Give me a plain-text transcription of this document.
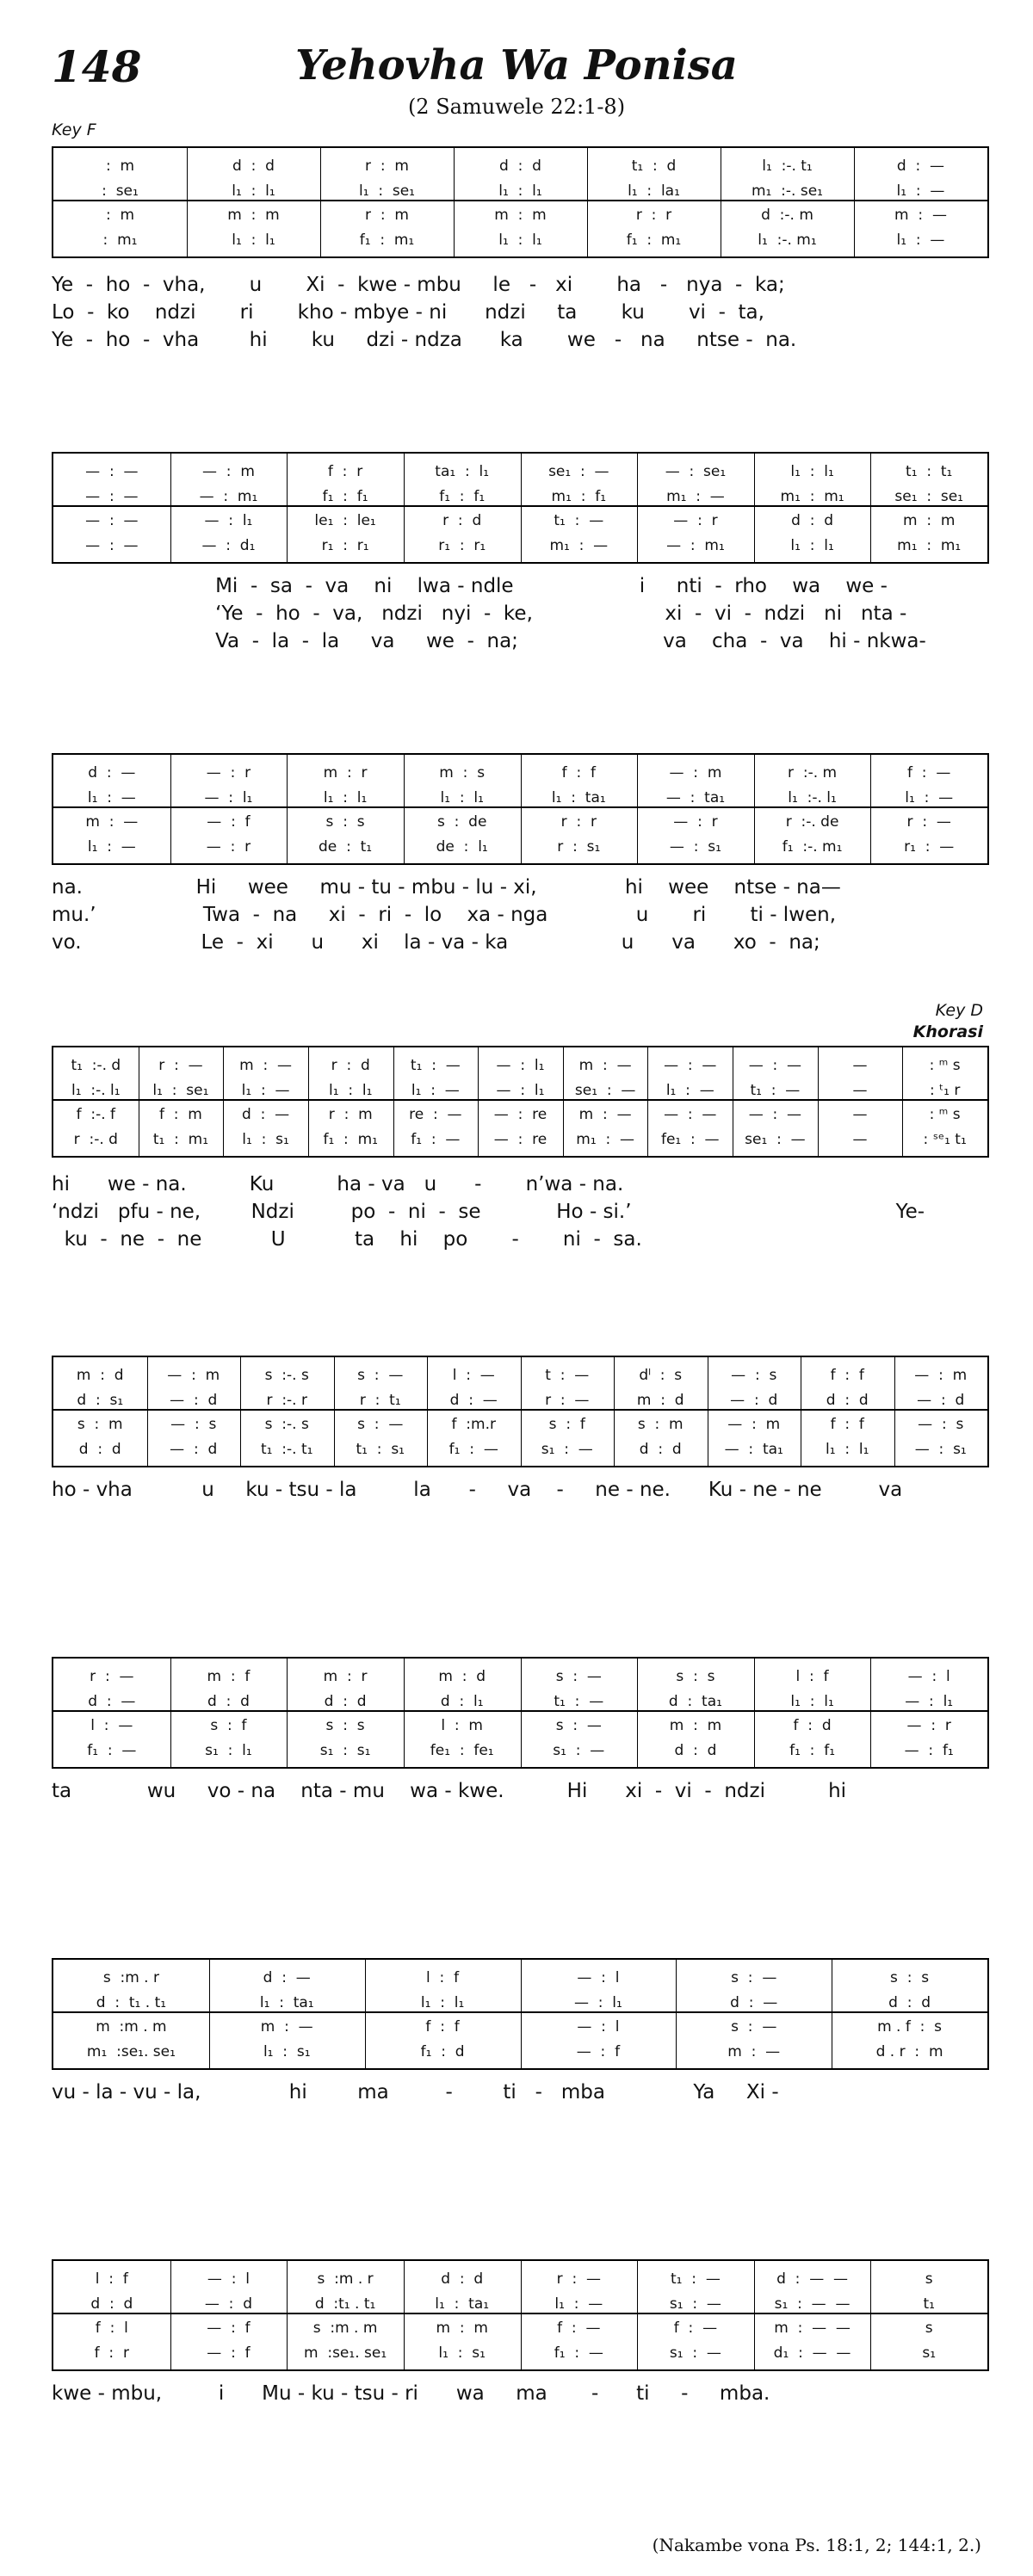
148	Yehovha Wa Ponisa
(2 Samuwele 22:1-8)
Key F
Key D
Khorasi
:  m
:  se₁
:  m
:  m₁
d  :  d
l₁  :  l₁
m  :  m
l₁  :  l₁
r  :  m
l₁  :  se₁
r  :  m
f₁  :  m₁
d  :  d
l₁  :  l₁
m  :  m
l₁  :  l₁
t₁  :  d
l₁  :  la₁
r  :  r
f₁  :  m₁
l₁  :-. t₁
m₁  :-. se₁
d  :-. m
l₁  :-. m₁
d  :  —
l₁  :  —
m  :  —
l₁  :  —
Ye  -  ho  -  vha,       u       Xi  -  kwe - mbu     le   -   xi       ha   -   nya  -  ka;
Lo  -  ko    ndzi       ri       kho - mbye - ni      ndzi     ta       ku       vi  -  ta,
Ye  -  ho  -  vha        hi       ku     dzi - ndza      ka       we   -   na     ntse -  na.
—  :  —
—  :  —
—  :  —
—  :  —
—  :  m
—  :  m₁
—  :  l₁
—  :  d₁
f  :  r
f₁  :  f₁
le₁  :  le₁
r₁  :  r₁
ta₁  :  l₁
f₁  :  f₁
r  :  d
r₁  :  r₁
se₁  :  —
m₁  :  f₁
t₁  :  —
m₁  :  —
—  :  se₁
m₁  :  —
—  :  r
—  :  m₁
l₁  :  l₁
m₁  :  m₁
d  :  d
l₁  :  l₁
t₁  :  t₁
se₁  :  se₁
m  :  m
m₁  :  m₁
Mi  -  sa  -  va    ni    lwa - ndle                    i     nti  -  rho    wa    we -
‘Ye  -  ho  -  va,   ndzi   nyi  -  ke,                     xi  -  vi  -  ndzi   ni   nta -
Va  -  la  -  la     va     we  -  na;                       va    cha  -  va    hi - nkwa-
d  :  —
l₁  :  —
m  :  —
l₁  :  —
—  :  r
—  :  l₁
—  :  f
—  :  r
m  :  r
l₁  :  l₁
s  :  s
de  :  t₁
m  :  s
l₁  :  l₁
s  :  de
de  :  l₁
f  :  f
l₁  :  ta₁
r  :  r
r  :  s₁
—  :  m
—  :  ta₁
—  :  r
—  :  s₁
r  :-. m
l₁  :-. l₁
r  :-. de
f₁  :-. m₁
f  :  —
l₁  :  —
r  :  —
r₁  :  —
na.                  Hi     wee     mu - tu - mbu - lu - xi,              hi    wee    ntse - na—
mu.’                 Twa  -  na     xi  -  ri  -  lo    xa - nga              u       ri       ti - lwen,
vo.                   Le  -  xi      u      xi    la - va - ka                  u      va      xo  -  na;
t₁  :-. d
l₁  :-. l₁
f  :-. f
r  :-. d
r  :  —
l₁  :  se₁
f  :  m
t₁  :  m₁
m  :  —
l₁  :  —
d  :  —
l₁  :  s₁
r  :  d
l₁  :  l₁
r  :  m
f₁  :  m₁
t₁  :  —
l₁  :  —
re  :  —
f₁  :  —
—  :  l₁
—  :  l₁
—  :  re
—  :  re
m  :  —
se₁  :  —
m  :  —
m₁  :  —
—  :  —
l₁  :  —
—  :  —
fe₁  :  —
—  :  —
t₁  :  —
—  :  —
se₁  :  —
—
—
—
—
: ᵐ s
: ᵗ₁ r
: ᵐ s
: ˢᵉ₁ t₁
hi      we - na.          Ku          ha - va   u      -       n’wa - na.
‘ndzi   pfu - ne,        Ndzi         po  -  ni  -  se            Ho - si.’                                          Ye-
ku  -  ne  -  ne           U           ta    hi    po       -       ni  -  sa.
m  :  d
d  :  s₁
s  :  m
d  :  d
—  :  m
—  :  d
—  :  s
—  :  d
s  :-. s
r  :-. r
s  :-. s
t₁  :-. t₁
s  :  —
r  :  t₁
s  :  —
t₁  :  s₁
l  :  —
d  :  —
f  :m.r
f₁  :  —
t  :  —
r  :  —
s  :  f
s₁  :  —
dˡ  :  s
m  :  d
s  :  m
d  :  d
—  :  s
—  :  d
—  :  m
—  :  ta₁
f  :  f
d  :  d
f  :  f
l₁  :  l₁
—  :  m
—  :  d
—  :  s
—  :  s₁
ho - vha           u     ku - tsu - la         la      -     va    -     ne - ne.      Ku - ne - ne         va
r  :  —
d  :  —
l  :  —
f₁  :  —
m  :  f
d  :  d
s  :  f
s₁  :  l₁
m  :  r
d  :  d
s  :  s
s₁  :  s₁
m  :  d
d  :  l₁
l  :  m
fe₁  :  fe₁
s  :  —
t₁  :  —
s  :  —
s₁  :  —
s  :  s
d  :  ta₁
m  :  m
d  :  d
l  :  f
l₁  :  l₁
f  :  d
f₁  :  f₁
—  :  l
—  :  l₁
—  :  r
—  :  f₁
ta            wu     vo - na    nta - mu    wa - kwe.          Hi      xi  -  vi  -  ndzi          hi
s  :m . r
d  :  t₁ . t₁
m  :m . m
m₁  :se₁. se₁
d  :  —
l₁  :  ta₁
m  :  —
l₁  :  s₁
l  :  f
l₁  :  l₁
f  :  f
f₁  :  d
—  :  l
—  :  l₁
—  :  l
—  :  f
s  :  —
d  :  —
s  :  —
m  :  —
s  :  s
d  :  d
m . f  :  s
d . r  :  m
vu - la - vu - la,              hi        ma         -        ti   -   mba              Ya     Xi -
l  :  f
d  :  d
f  :  l
f  :  r
—  :  l
—  :  d
—  :  f
—  :  f
s  :m . r
d  :t₁ . t₁
s  :m . m
m  :se₁. se₁
d  :  d
l₁  :  ta₁
m  :  m
l₁  :  s₁
r  :  —
l₁  :  —
f  :  —
f₁  :  —
t₁  :  —
s₁  :  —
f  :  —
s₁  :  —
d  :  —  —
s₁  :  —  —
m  :  —  —
d₁  :  —  —
s
t₁
s
s₁
kwe - mbu,         i      Mu - ku - tsu - ri      wa     ma       -      ti     -     mba.
(Nakambe vona Ps. 18:1, 2; 144:1, 2.)
